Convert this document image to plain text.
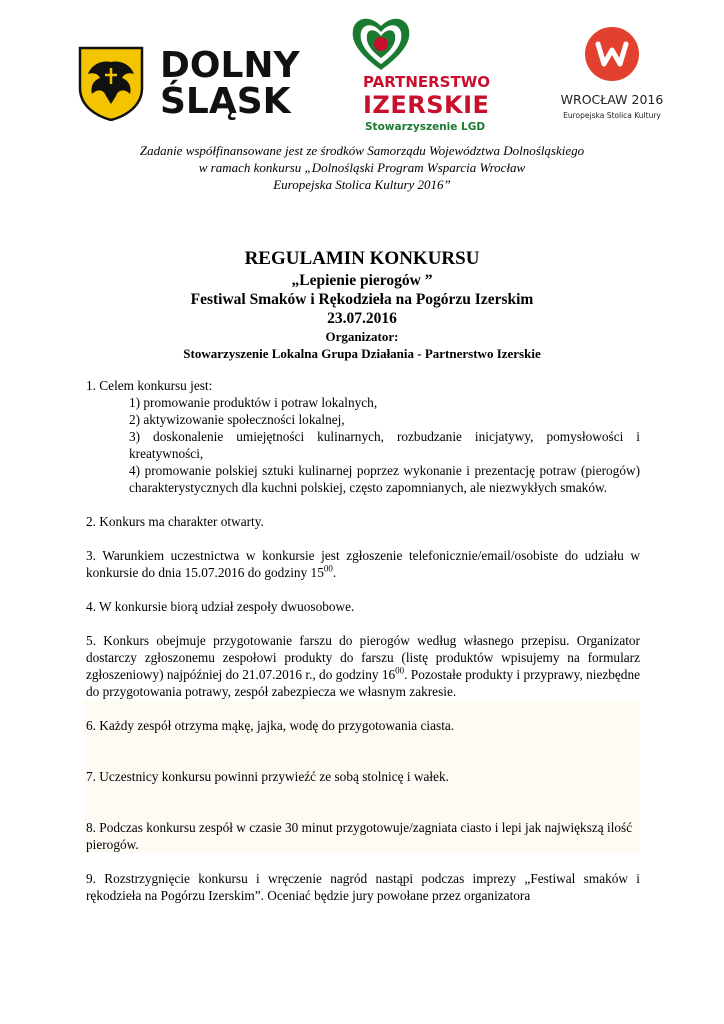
DOLNY
ŚLĄSK	PARTNERSTWO
IZERSKIE
Stowarzyszenie LGD
WROCŁAW 2016
Europejska Stolica Kultury
Zadanie współfinansowane jest ze środków Samorządu Województwa Dolnośląskiego
w ramach konkursu „Dolnośląski Program Wsparcia Wrocław
Europejska Stolica Kultury 2016”
REGULAMIN KONKURSU
„Lepienie pierogów ”
Festiwal Smaków i Rękodzieła na Pogórzu Izerskim
23.07.2016
Organizator:
Stowarzyszenie Lokalna Grupa Działania - Partnerstwo Izerskie

1. Celem konkursu jest:

1) promowanie produktów i potraw lokalnych,
2) aktywizowanie społeczności lokalnej,
3) doskonalenie umiejętności kulinarnych, rozbudzanie inicjatywy, pomysłowości i kreatywności,
4) promowanie polskiej sztuki kulinarnej poprzez wykonanie i prezentację potraw (pierogów) charakterystycznych dla kuchni polskiej, często zapomnianych, ale niezwykłych smaków.

2. Konkurs ma charakter otwarty.

3. Warunkiem uczestnictwa w konkursie jest zgłoszenie telefonicznie/email/osobiste do udziału w konkursie do dnia 15.07.2016 do godziny $15^{00}$.

4. W konkursie biorą udział zespoły dwuosobowe.

5. Konkurs obejmuje przygotowanie farszu do pierogów według własnego przepisu. Organizator dostarczy zgłoszonemu zespołowi produkty do farszu (listę produktów wpisujemy na formularz zgłoszeniowy) najpóźniej do 21.07.2016 r., do godziny $16^{00}$. Pozostałe produkty i przyprawy, niezbędne do przygotowania potrawy, zespół zabezpiecza we własnym zakresie.

6. Każdy zespół otrzyma mąkę, jajka, wodę do przygotowania ciasta.

7. Uczestnicy konkursu powinni przywieźć ze sobą stolnicę i wałek.

8. Podczas konkursu zespół w czasie 30 minut przygotowuje/zagniata ciasto i lepi jak największą ilość pierogów.

9. Rozstrzygnięcie konkursu i wręczenie nagród nastąpi podczas imprezy „Festiwal smaków i rękodzieła na Pogórzu Izerskim”. Oceniać będzie jury powołane przez organizatora
